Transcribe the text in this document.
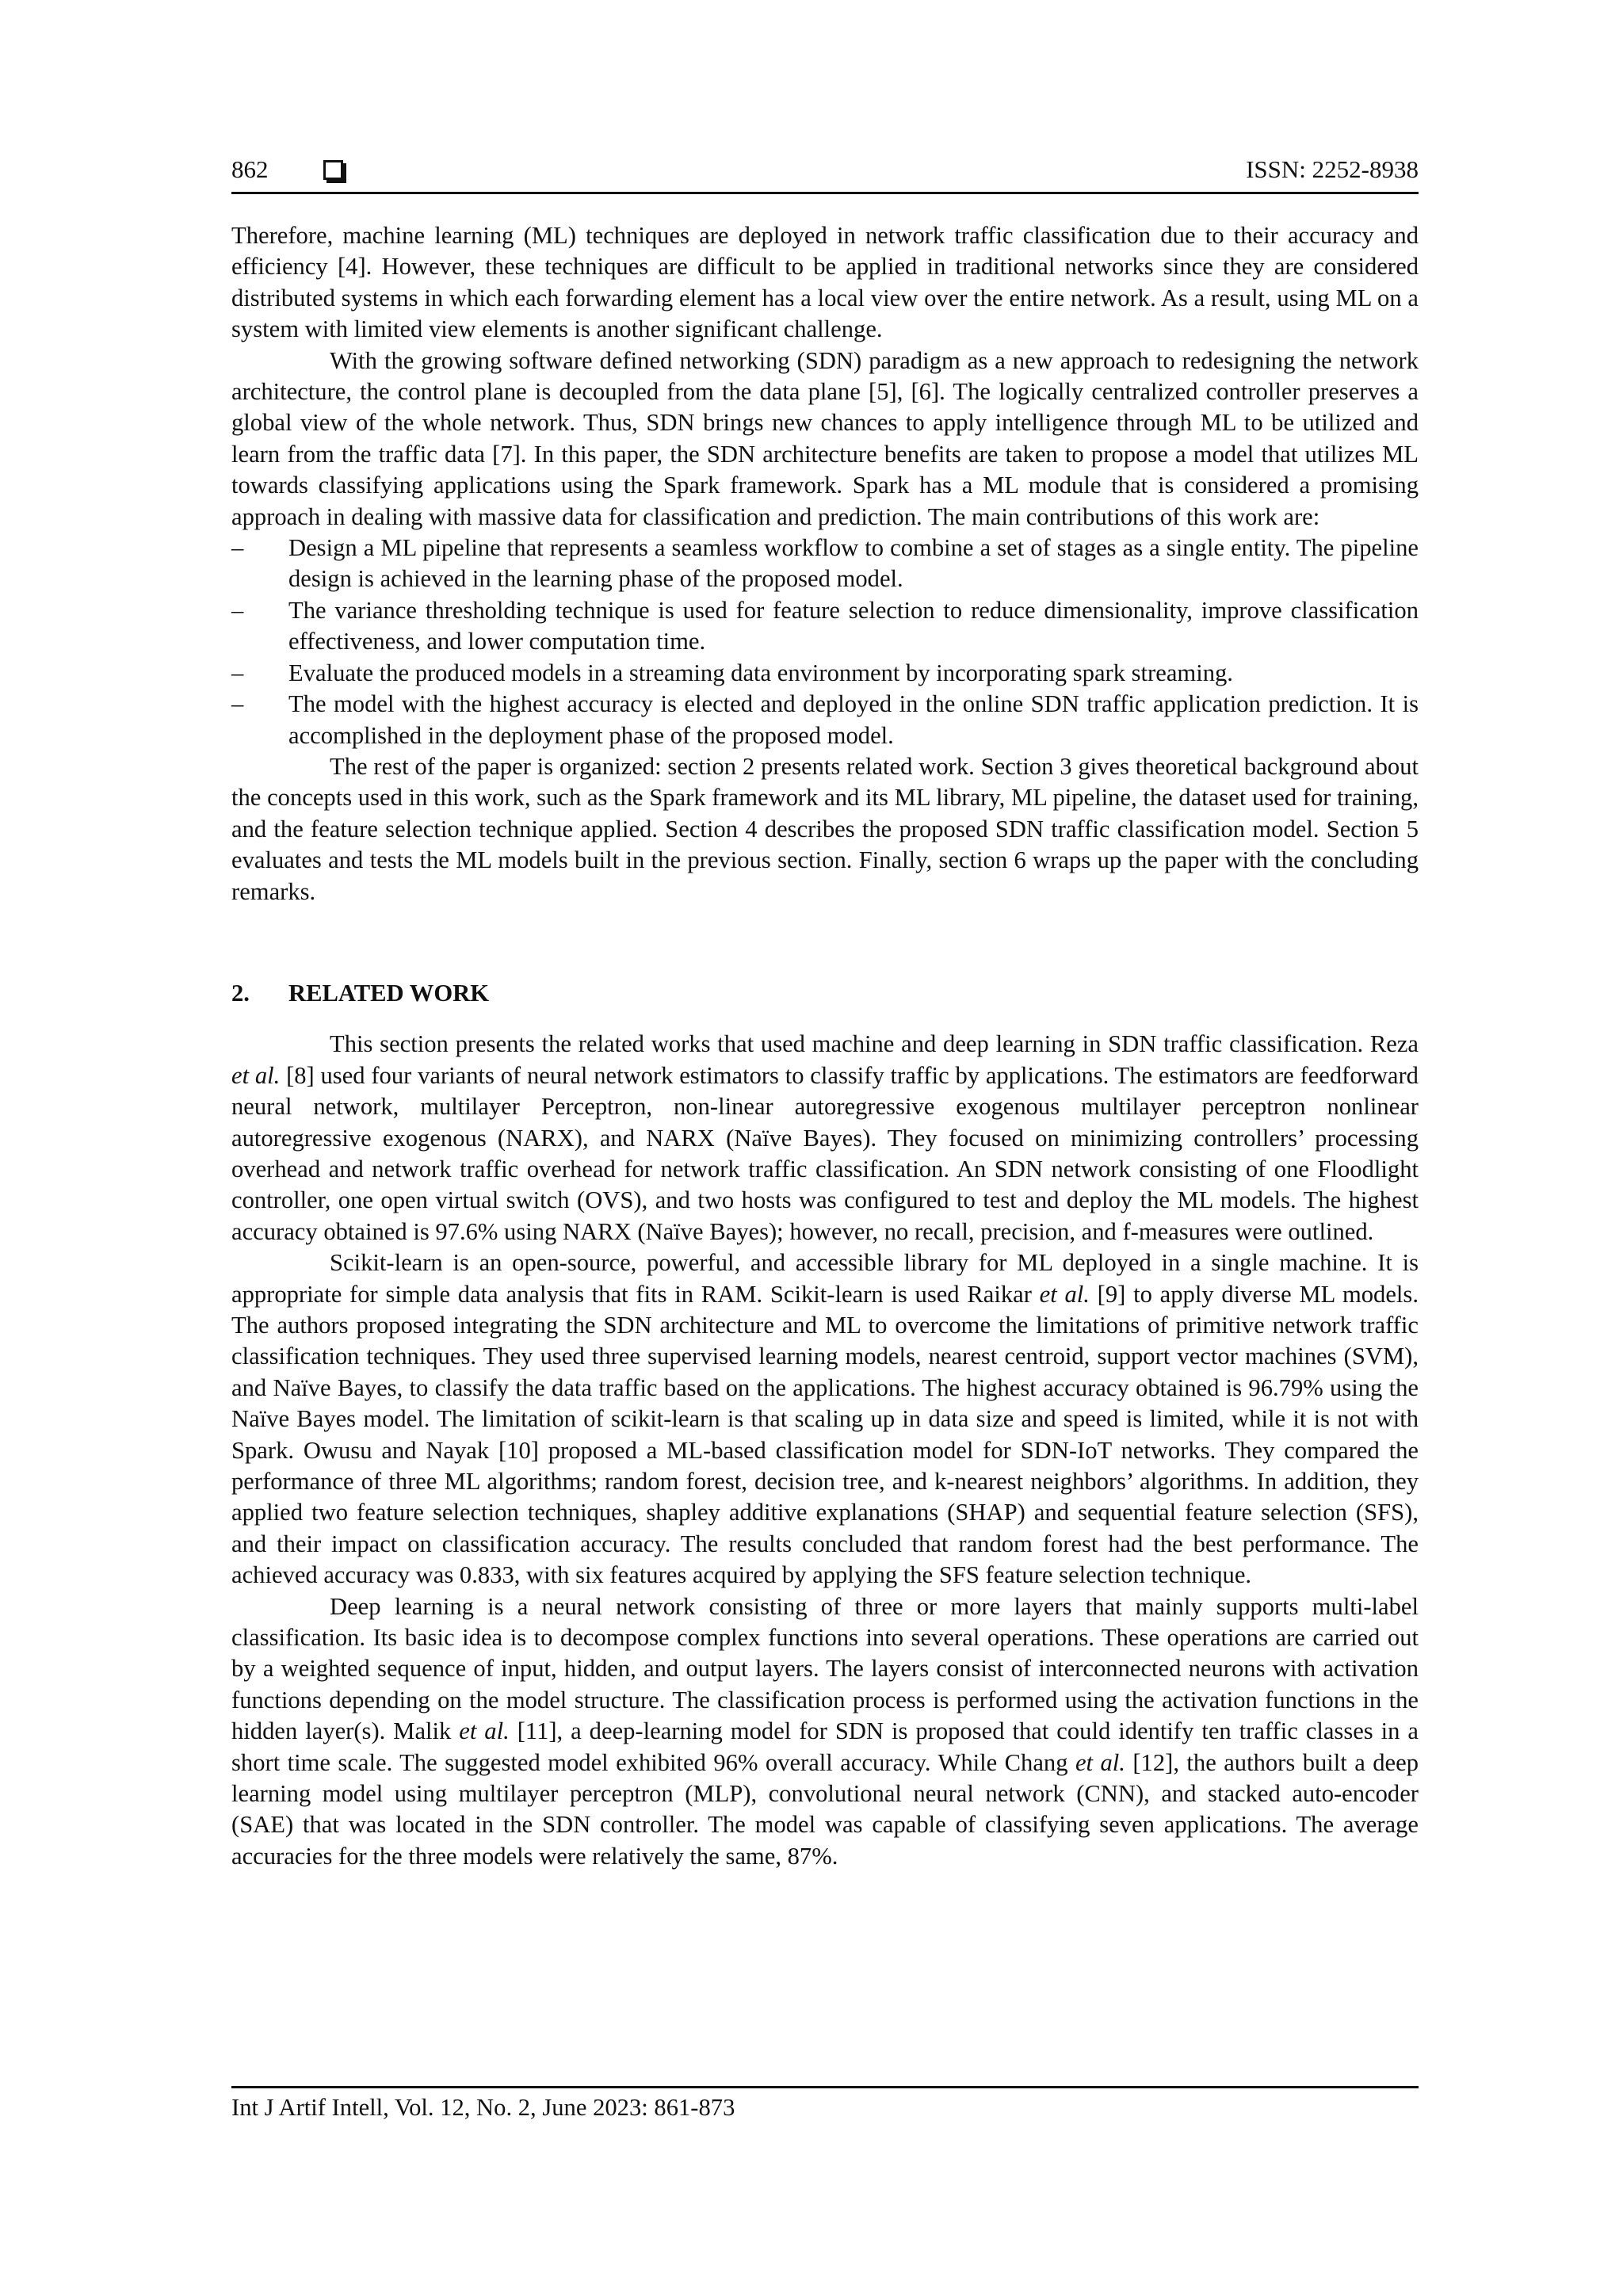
862	ISSN: 2252-8938

Therefore, machine learning (ML) techniques are deployed in network traffic classification due to their accuracy and efficiency [4]. However, these techniques are difficult to be applied in traditional networks since they are considered distributed systems in which each forwarding element has a local view over the entire network. As a result, using ML on a system with limited view elements is another significant challenge.

With the growing software defined networking (SDN) paradigm as a new approach to redesigning the network architecture, the control plane is decoupled from the data plane [5], [6]. The logically centralized controller preserves a global view of the whole network. Thus, SDN brings new chances to apply intelligence through ML to be utilized and learn from the traffic data [7]. In this paper, the SDN architecture benefits are taken to propose a model that utilizes ML towards classifying applications using the Spark framework. Spark has a ML module that is considered a promising approach in dealing with massive data for classification and prediction. The main contributions of this work are:

– Design a ML pipeline that represents a seamless workflow to combine a set of stages as a single entity. The pipeline design is achieved in the learning phase of the proposed model.
– The variance thresholding technique is used for feature selection to reduce dimensionality, improve classification effectiveness, and lower computation time.
– Evaluate the produced models in a streaming data environment by incorporating spark streaming.
– The model with the highest accuracy is elected and deployed in the online SDN traffic application prediction. It is accomplished in the deployment phase of the proposed model.

The rest of the paper is organized: section 2 presents related work. Section 3 gives theoretical background about the concepts used in this work, such as the Spark framework and its ML library, ML pipeline, the dataset used for training, and the feature selection technique applied. Section 4 describes the proposed SDN traffic classification model. Section 5 evaluates and tests the ML models built in the previous section. Finally, section 6 wraps up the paper with the concluding remarks.

2. RELATED WORK

This section presents the related works that used machine and deep learning in SDN traffic classification. Reza et al. [8] used four variants of neural network estimators to classify traffic by applications. The estimators are feedforward neural network, multilayer Perceptron, non-linear autoregressive exogenous multilayer perceptron nonlinear autoregressive exogenous (NARX), and NARX (Naïve Bayes). They focused on minimizing controllers’ processing overhead and network traffic overhead for network traffic classification. An SDN network consisting of one Floodlight controller, one open virtual switch (OVS), and two hosts was configured to test and deploy the ML models. The highest accuracy obtained is 97.6% using NARX (Naïve Bayes); however, no recall, precision, and f-measures were outlined.

Scikit-learn is an open-source, powerful, and accessible library for ML deployed in a single machine. It is appropriate for simple data analysis that fits in RAM. Scikit-learn is used Raikar et al. [9] to apply diverse ML models. The authors proposed integrating the SDN architecture and ML to overcome the limitations of primitive network traffic classification techniques. They used three supervised learning models, nearest centroid, support vector machines (SVM), and Naïve Bayes, to classify the data traffic based on the applications. The highest accuracy obtained is 96.79% using the Naïve Bayes model. The limitation of scikit-learn is that scaling up in data size and speed is limited, while it is not with Spark. Owusu and Nayak [10] proposed a ML-based classification model for SDN-IoT networks. They compared the performance of three ML algorithms; random forest, decision tree, and k-nearest neighbors’ algorithms. In addition, they applied two feature selection techniques, shapley additive explanations (SHAP) and sequential feature selection (SFS), and their impact on classification accuracy. The results concluded that random forest had the best performance. The achieved accuracy was 0.833, with six features acquired by applying the SFS feature selection technique.

Deep learning is a neural network consisting of three or more layers that mainly supports multi-label classification. Its basic idea is to decompose complex functions into several operations. These operations are carried out by a weighted sequence of input, hidden, and output layers. The layers consist of interconnected neurons with activation functions depending on the model structure. The classification process is performed using the activation functions in the hidden layer(s). Malik et al. [11], a deep-learning model for SDN is proposed that could identify ten traffic classes in a short time scale. The suggested model exhibited 96% overall accuracy. While Chang et al. [12], the authors built a deep learning model using multilayer perceptron (MLP), convolutional neural network (CNN), and stacked auto-encoder (SAE) that was located in the SDN controller. The model was capable of classifying seven applications. The average accuracies for the three models were relatively the same, 87%.

Int J Artif Intell, Vol. 12, No. 2, June 2023: 861-873
